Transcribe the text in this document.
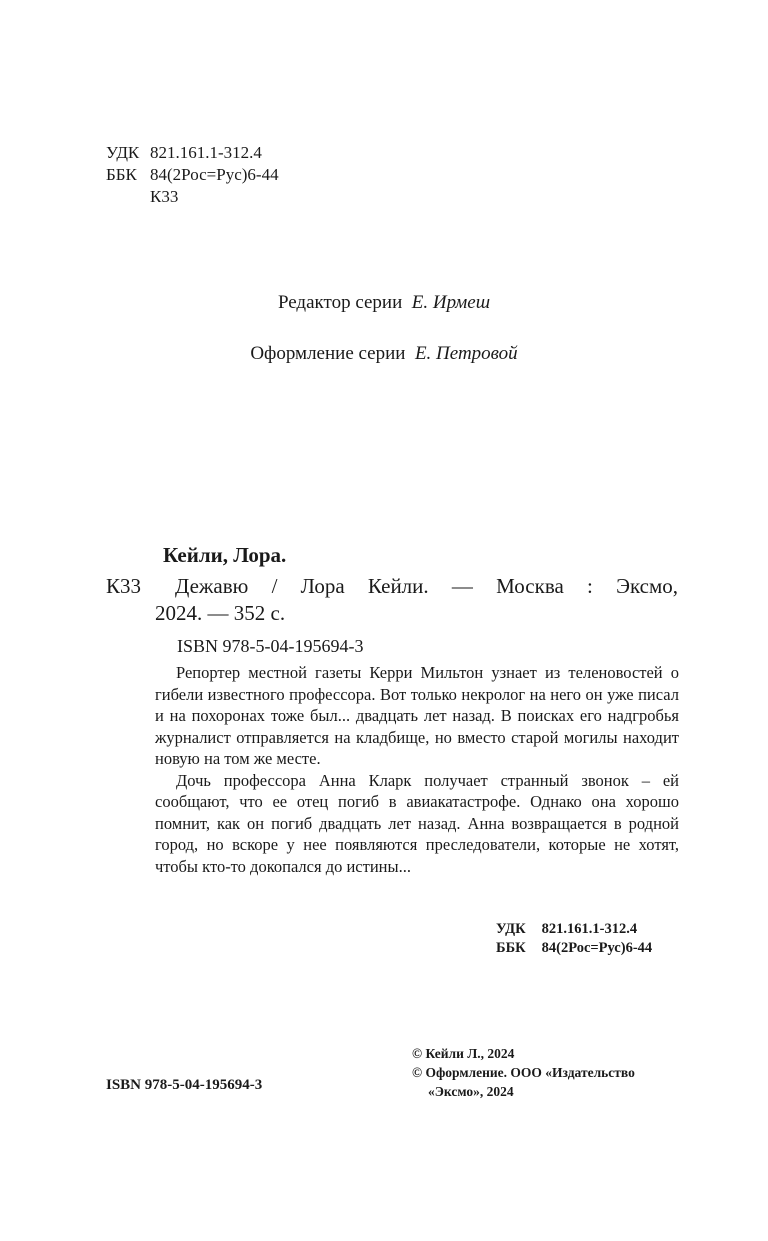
УДК 821.161.1-312.4
ББК 84(2Рос=Рус)6-44
К33
Редактор серии Е. Ирмеш
Оформление серии Е. Петровой
Кейли, Лора.
К33 Дежавю / Лора Кейли. — Москва : Эксмо,
2024. — 352 с.
ISBN 978-5-04-195694-3

Репортер местной газеты Керри Мильтон узнает из теленовостей о гибели известного профессора. Вот только некролог на него он уже писал и на похоронах тоже был... двадцать лет назад. В поисках его надгробья журналист отправляется на кладбище, но вместо старой могилы находит новую на том же месте.

Дочь профессора Анна Кларк получает странный звонок – ей сообщают, что ее отец погиб в авиакатастрофе. Однако она хорошо помнит, как он погиб двадцать лет назад. Анна возвращается в родной город, но вскоре у нее появляются преследователи, которые не хотят, чтобы кто-то докопался до истины...

УДК 821.161.1-312.4
ББК 84(2Рос=Рус)6-44
ISBN 978-5-04-195694-3
© Кейли Л., 2024
© Оформление. ООО «Издательство
«Эксмо», 2024
